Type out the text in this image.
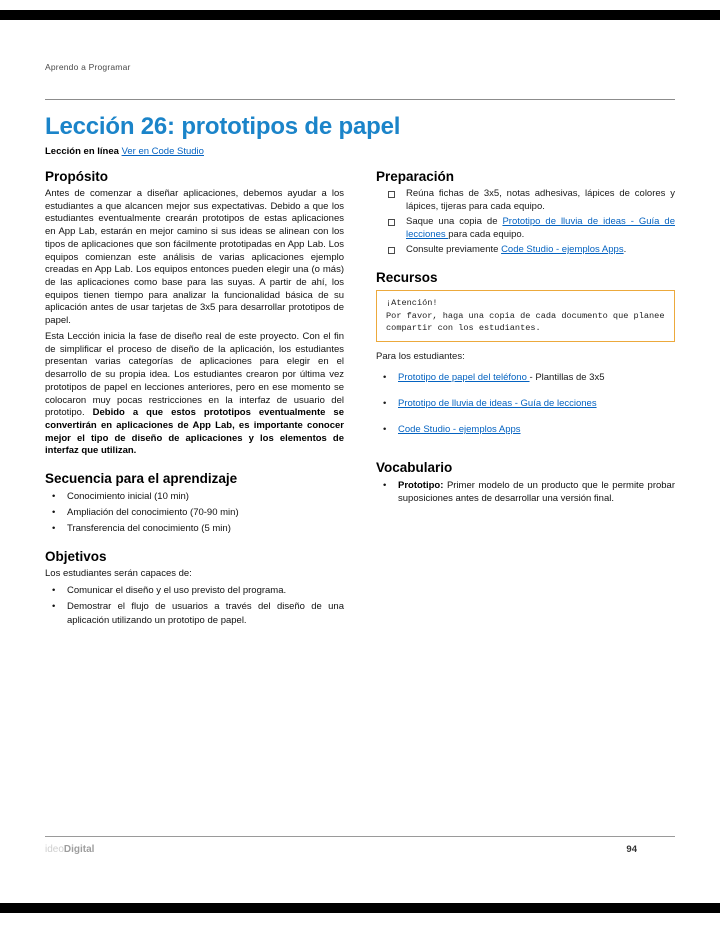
Aprendo a Programar
Lección 26: prototipos de papel
Lección en línea Ver en Code Studio
Propósito

Antes de comenzar a diseñar aplicaciones, debemos ayudar a los estudiantes a que alcancen mejor sus expectativas. Debido a que los estudiantes eventualmente crearán prototipos de estas aplicaciones en App Lab, estarán en mejor camino si sus ideas se alinean con los tipos de aplicaciones que son fácilmente prototipadas en App Lab. Los equipos comienzan este análisis de varias aplicaciones ejemplo creadas en App Lab. Los equipos entonces pueden elegir una (o más) de las aplicaciones como base para las suyas. A partir de ahí, los equipos tienen tiempo para analizar la funcionalidad básica de su aplicación antes de usar tarjetas de 3x5 para desarrollar prototipos de papel.

Esta Lección inicia la fase de diseño real de este proyecto. Con el fin de simplificar el proceso de diseño de la aplicación, los estudiantes presentan varias categorías de aplicaciones para elegir en el desarrollo de su propia idea. Los estudiantes crearon por última vez prototipos de papel en lecciones anteriores, pero en ese momento se colocaron muy pocas restricciones en la interfaz de usuario del prototipo. Debido a que estos prototipos eventualmente se convertirán en aplicaciones de App Lab, es importante conocer mejor el tipo de diseño de aplicaciones y los elementos de interfaz que utilizan.

Secuencia para el aprendizaje
• Conocimiento inicial (10 min)
• Ampliación del conocimiento (70-90 min)
• Transferencia del conocimiento (5 min)
Objetivos

Los estudiantes serán capaces de:

• Comunicar el diseño y el uso previsto del programa.
• Demostrar el flujo de usuarios a través del diseño de una aplicación utilizando un prototipo de papel.
Preparación
Reúna fichas de 3x5, notas adhesivas, lápices de colores y lápices, tijeras para cada equipo.
Saque una copia de Prototipo de lluvia de ideas - Guía de lecciones para cada equipo.
Consulte previamente Code Studio - ejemplos Apps.
Recursos
¡Atención!
Por favor, haga una copia de cada documento que planee compartir con los estudiantes.

Para los estudiantes:

• Prototipo de papel del teléfono - Plantillas de 3x5
• Prototipo de lluvia de ideas - Guía de lecciones
• Code Studio - ejemplos Apps
Vocabulario
• Prototipo: Primer modelo de un producto que le permite probar suposiciones antes de desarrollar una versión final.
ideoDigital	94
